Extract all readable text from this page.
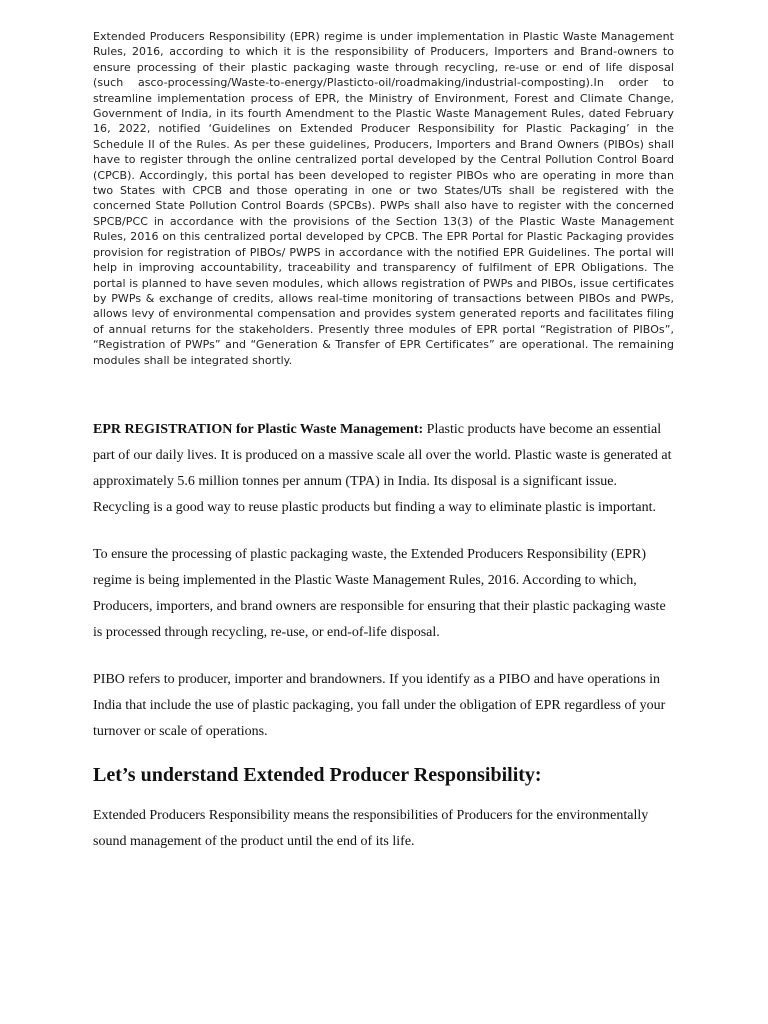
Extended Producers Responsibility (EPR) regime is under implementation in Plastic Waste Management Rules, 2016, according to which it is the responsibility of Producers, Importers and Brand-owners to ensure processing of their plastic packaging waste through recycling, re-use or end of life disposal (such asco-processing/Waste-to-energy/Plasticto-oil/roadmaking/industrial-composting).In order to streamline implementation process of EPR, the Ministry of Environment, Forest and Climate Change, Government of India, in its fourth Amendment to the Plastic Waste Management Rules, dated February 16, 2022, notified ‘Guidelines on Extended Producer Responsibility for Plastic Packaging’ in the Schedule II of the Rules. As per these guidelines, Producers, Importers and Brand Owners (PIBOs) shall have to register through the online centralized portal developed by the Central Pollution Control Board (CPCB). Accordingly, this portal has been developed to register PIBOs who are operating in more than two States with CPCB and those operating in one or two States/UTs shall be registered with the concerned State Pollution Control Boards (SPCBs). PWPs shall also have to register with the concerned SPCB/PCC in accordance with the provisions of the Section 13(3) of the Plastic Waste Management Rules, 2016 on this centralized portal developed by CPCB. The EPR Portal for Plastic Packaging provides provision for registration of PIBOs/ PWPS in accordance with the notified EPR Guidelines. The portal will help in improving accountability, traceability and transparency of fulfilment of EPR Obligations. The portal is planned to have seven modules, which allows registration of PWPs and PIBOs, issue certificates by PWPs & exchange of credits, allows real-time monitoring of transactions between PIBOs and PWPs, allows levy of environmental compensation and provides system generated reports and facilitates filing of annual returns for the stakeholders. Presently three modules of EPR portal “Registration of PIBOs”, “Registration of PWPs” and “Generation & Transfer of EPR Certificates” are operational. The remaining modules shall be integrated shortly.

EPR REGISTRATION for Plastic Waste Management: Plastic products have become an essential part of our daily lives. It is produced on a massive scale all over the world. Plastic waste is generated at approximately 5.6 million tonnes per annum (TPA) in India. Its disposal is a significant issue. Recycling is a good way to reuse plastic products but finding a way to eliminate plastic is important.

To ensure the processing of plastic packaging waste, the Extended Producers Responsibility (EPR) regime is being implemented in the Plastic Waste Management Rules, 2016. According to which, Producers, importers, and brand owners are responsible for ensuring that their plastic packaging waste is processed through recycling, re-use, or end-of-life disposal.

PIBO refers to producer, importer and brandowners. If you identify as a PIBO and have operations in India that include the use of plastic packaging, you fall under the obligation of EPR regardless of your turnover or scale of operations.

Let’s understand Extended Producer Responsibility:

Extended Producers Responsibility means the responsibilities of Producers for the environmentally sound management of the product until the end of its life.
